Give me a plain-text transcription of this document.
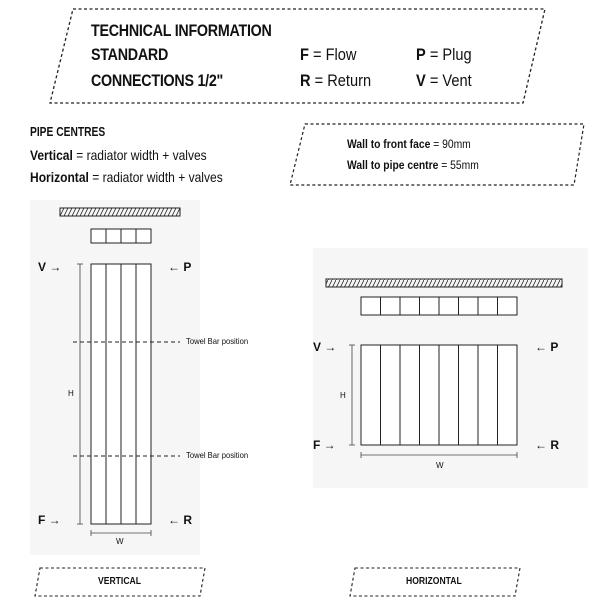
TECHNICAL INFORMATION
STANDARD
CONNECTIONS 1/2"
F = Flow	P = Plug
R = Return	V = Vent
PIPE CENTRES
Vertical = radiator width + valves
Horizontal = radiator width + valves
Wall to front face = 90mm
Wall to pipe centre = 55mm
V →	← P
F →	← R
Towel Bar position
Towel Bar position
H
W
V →	← P
F →	← R
H
W
VERTICAL	HORIZONTAL
